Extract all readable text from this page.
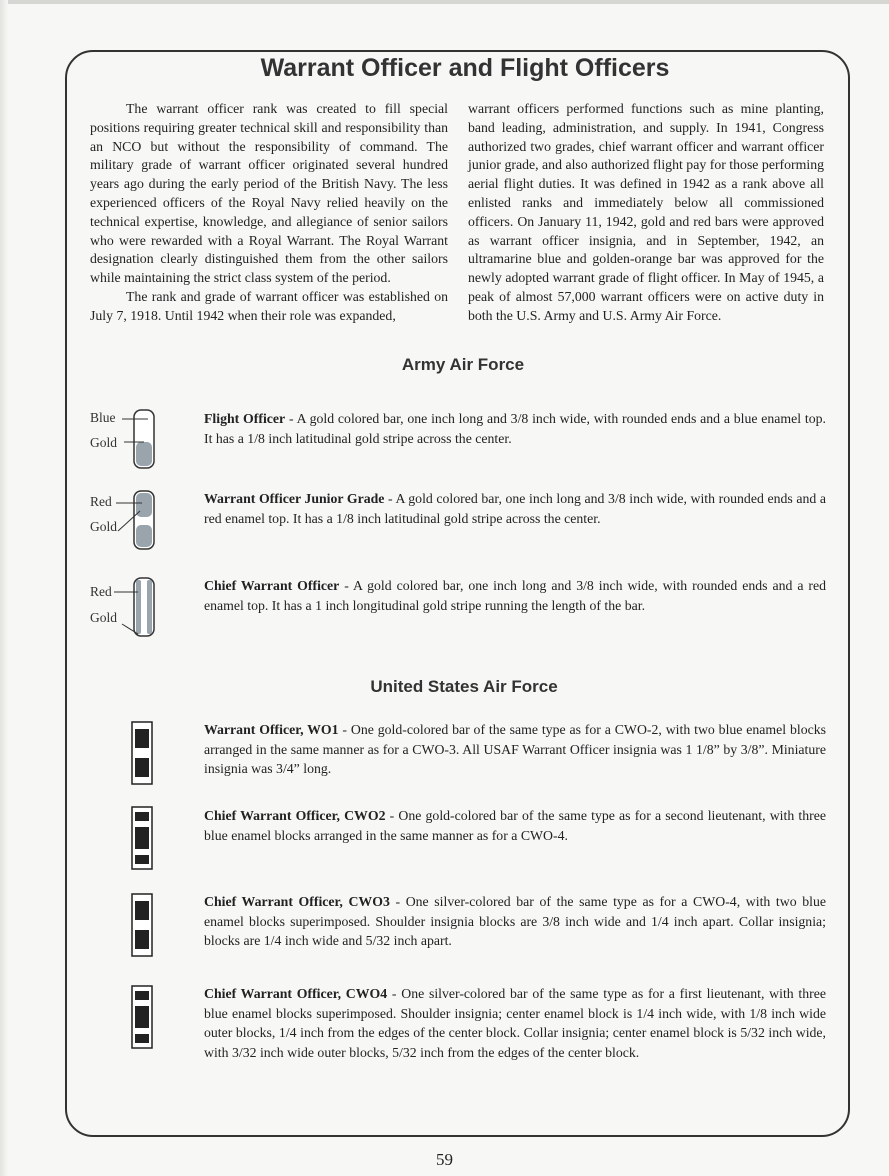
Warrant Officer and Flight Officers

The warrant officer rank was created to fill special positions requiring greater technical skill and responsibility than an NCO but without the responsibility of command. The military grade of warrant officer originated several hundred years ago during the early period of the British Navy. The less experienced officers of the Royal Navy relied heavily on the technical expertise, knowledge, and allegiance of senior sailors who were rewarded with a Royal Warrant. The Royal Warrant designation clearly distinguished them from the other sailors while maintaining the strict class system of the period.

The rank and grade of warrant officer was established on July 7, 1918. Until 1942 when their role was expanded,

warrant officers performed functions such as mine planting, band leading, administration, and supply. In 1941, Congress authorized two grades, chief warrant officer and warrant officer junior grade, and also authorized flight pay for those performing aerial flight duties. It was defined in 1942 as a rank above all enlisted ranks and immediately below all commissioned officers. On January 11, 1942, gold and red bars were approved as warrant officer insignia, and in September, 1942, an ultramarine blue and golden-orange bar was approved for the newly adopted warrant grade of flight officer. In May of 1945, a peak of almost 57,000 warrant officers were on active duty in both the U.S. Army and U.S. Army Air Force.

Army Air Force
Blue
Gold
Flight Officer - A gold colored bar, one inch long and 3/8 inch wide, with rounded ends and a blue enamel top. It has a 1/8 inch latitudinal gold stripe across the center.
Red
Gold
Warrant Officer Junior Grade - A gold colored bar, one inch long and 3/8 inch wide, with rounded ends and a red enamel top. It has a 1/8 inch latitudinal gold stripe across the center.
Red
Gold
Chief Warrant Officer - A gold colored bar, one inch long and 3/8 inch wide, with rounded ends and a red enamel top. It has a 1 inch longitudinal gold stripe running the length of the bar.
United States Air Force
Warrant Officer, WO1 - One gold-colored bar of the same type as for a CWO-2, with two blue enamel blocks arranged in the same manner as for a CWO-3. All USAF Warrant Officer insignia was 1 1/8” by 3/8”. Miniature insignia was 3/4” long.
Chief Warrant Officer, CWO2 - One gold-colored bar of the same type as for a second lieutenant, with three blue enamel blocks arranged in the same manner as for a CWO-4.
Chief Warrant Officer, CWO3 - One silver-colored bar of the same type as for a CWO-4, with two blue enamel blocks superimposed. Shoulder insignia blocks are 3/8 inch wide and 1/4 inch apart. Collar insignia; blocks are 1/4 inch wide and 5/32 inch apart.
Chief Warrant Officer, CWO4 - One silver-colored bar of the same type as for a first lieutenant, with three blue enamel blocks superimposed. Shoulder insignia; center enamel block is 1/4 inch wide, with 1/8 inch wide outer blocks, 1/4 inch from the edges of the center block. Collar insignia; center enamel block is 5/32 inch wide, with 3/32 inch wide outer blocks, 5/32 inch from the edges of the center block.
59
